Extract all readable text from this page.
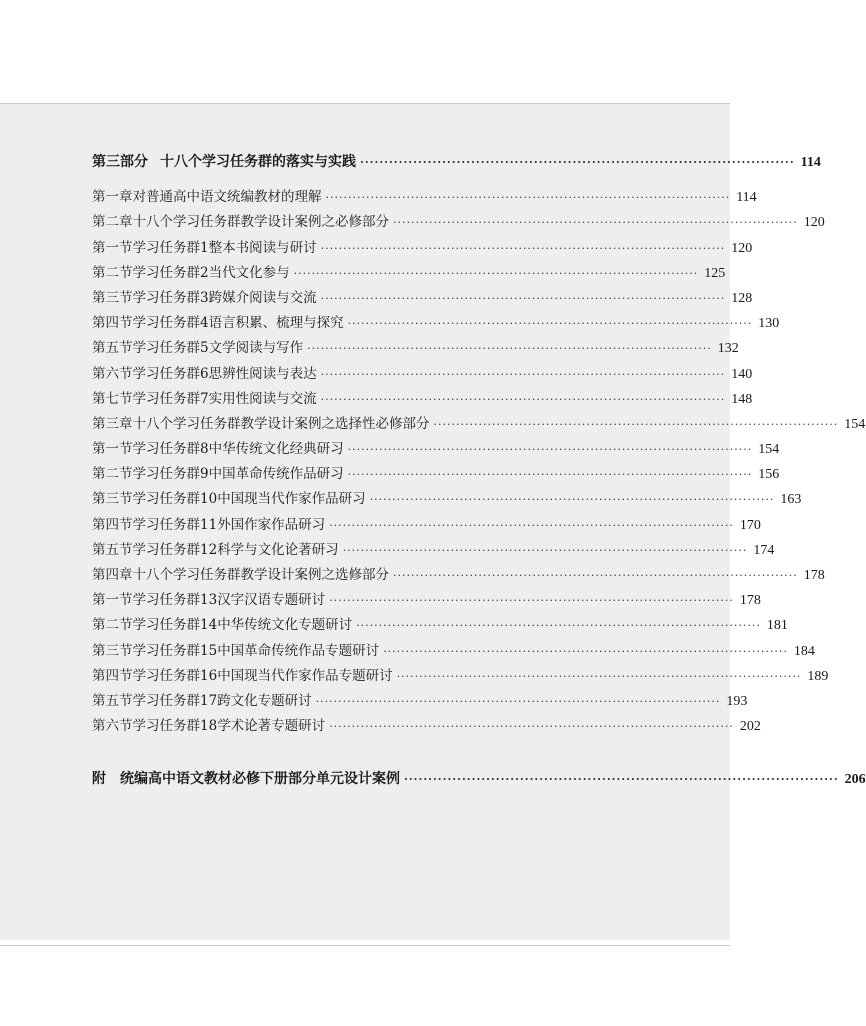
第三部分 十八个学习任务群的落实与实践 ·························································································· 114
第一章 对普通高中语文统编教材的理解 ·························································································· 114
第二章 十八个学习任务群教学设计案例之必修部分 ·························································································· 120
第一节 学习任务群1 整本书阅读与研讨 ·························································································· 120
第二节 学习任务群2 当代文化参与 ·························································································· 125
第三节 学习任务群3 跨媒介阅读与交流 ·························································································· 128
第四节 学习任务群4 语言积累、梳理与探究 ·························································································· 130
第五节 学习任务群5 文学阅读与写作 ·························································································· 132
第六节 学习任务群6 思辨性阅读与表达 ·························································································· 140
第七节 学习任务群7 实用性阅读与交流 ·························································································· 148
第三章 十八个学习任务群教学设计案例之选择性必修部分 ·························································································· 154
第一节 学习任务群8 中华传统文化经典研习 ·························································································· 154
第二节 学习任务群9 中国革命传统作品研习 ·························································································· 156
第三节 学习任务群10 中国现当代作家作品研习 ·························································································· 163
第四节 学习任务群11 外国作家作品研习 ·························································································· 170
第五节 学习任务群12 科学与文化论著研习 ·························································································· 174
第四章 十八个学习任务群教学设计案例之选修部分 ·························································································· 178
第一节 学习任务群13 汉字汉语专题研讨 ·························································································· 178
第二节 学习任务群14 中华传统文化专题研讨 ·························································································· 181
第三节 学习任务群15 中国革命传统作品专题研讨 ·························································································· 184
第四节 学习任务群16 中国现当代作家作品专题研讨 ·························································································· 189
第五节 学习任务群17 跨文化专题研讨 ·························································································· 193
第六节 学习任务群18 学术论著专题研讨 ·························································································· 202
附 统编高中语文教材必修下册部分单元设计案例 ·························································································· 206
